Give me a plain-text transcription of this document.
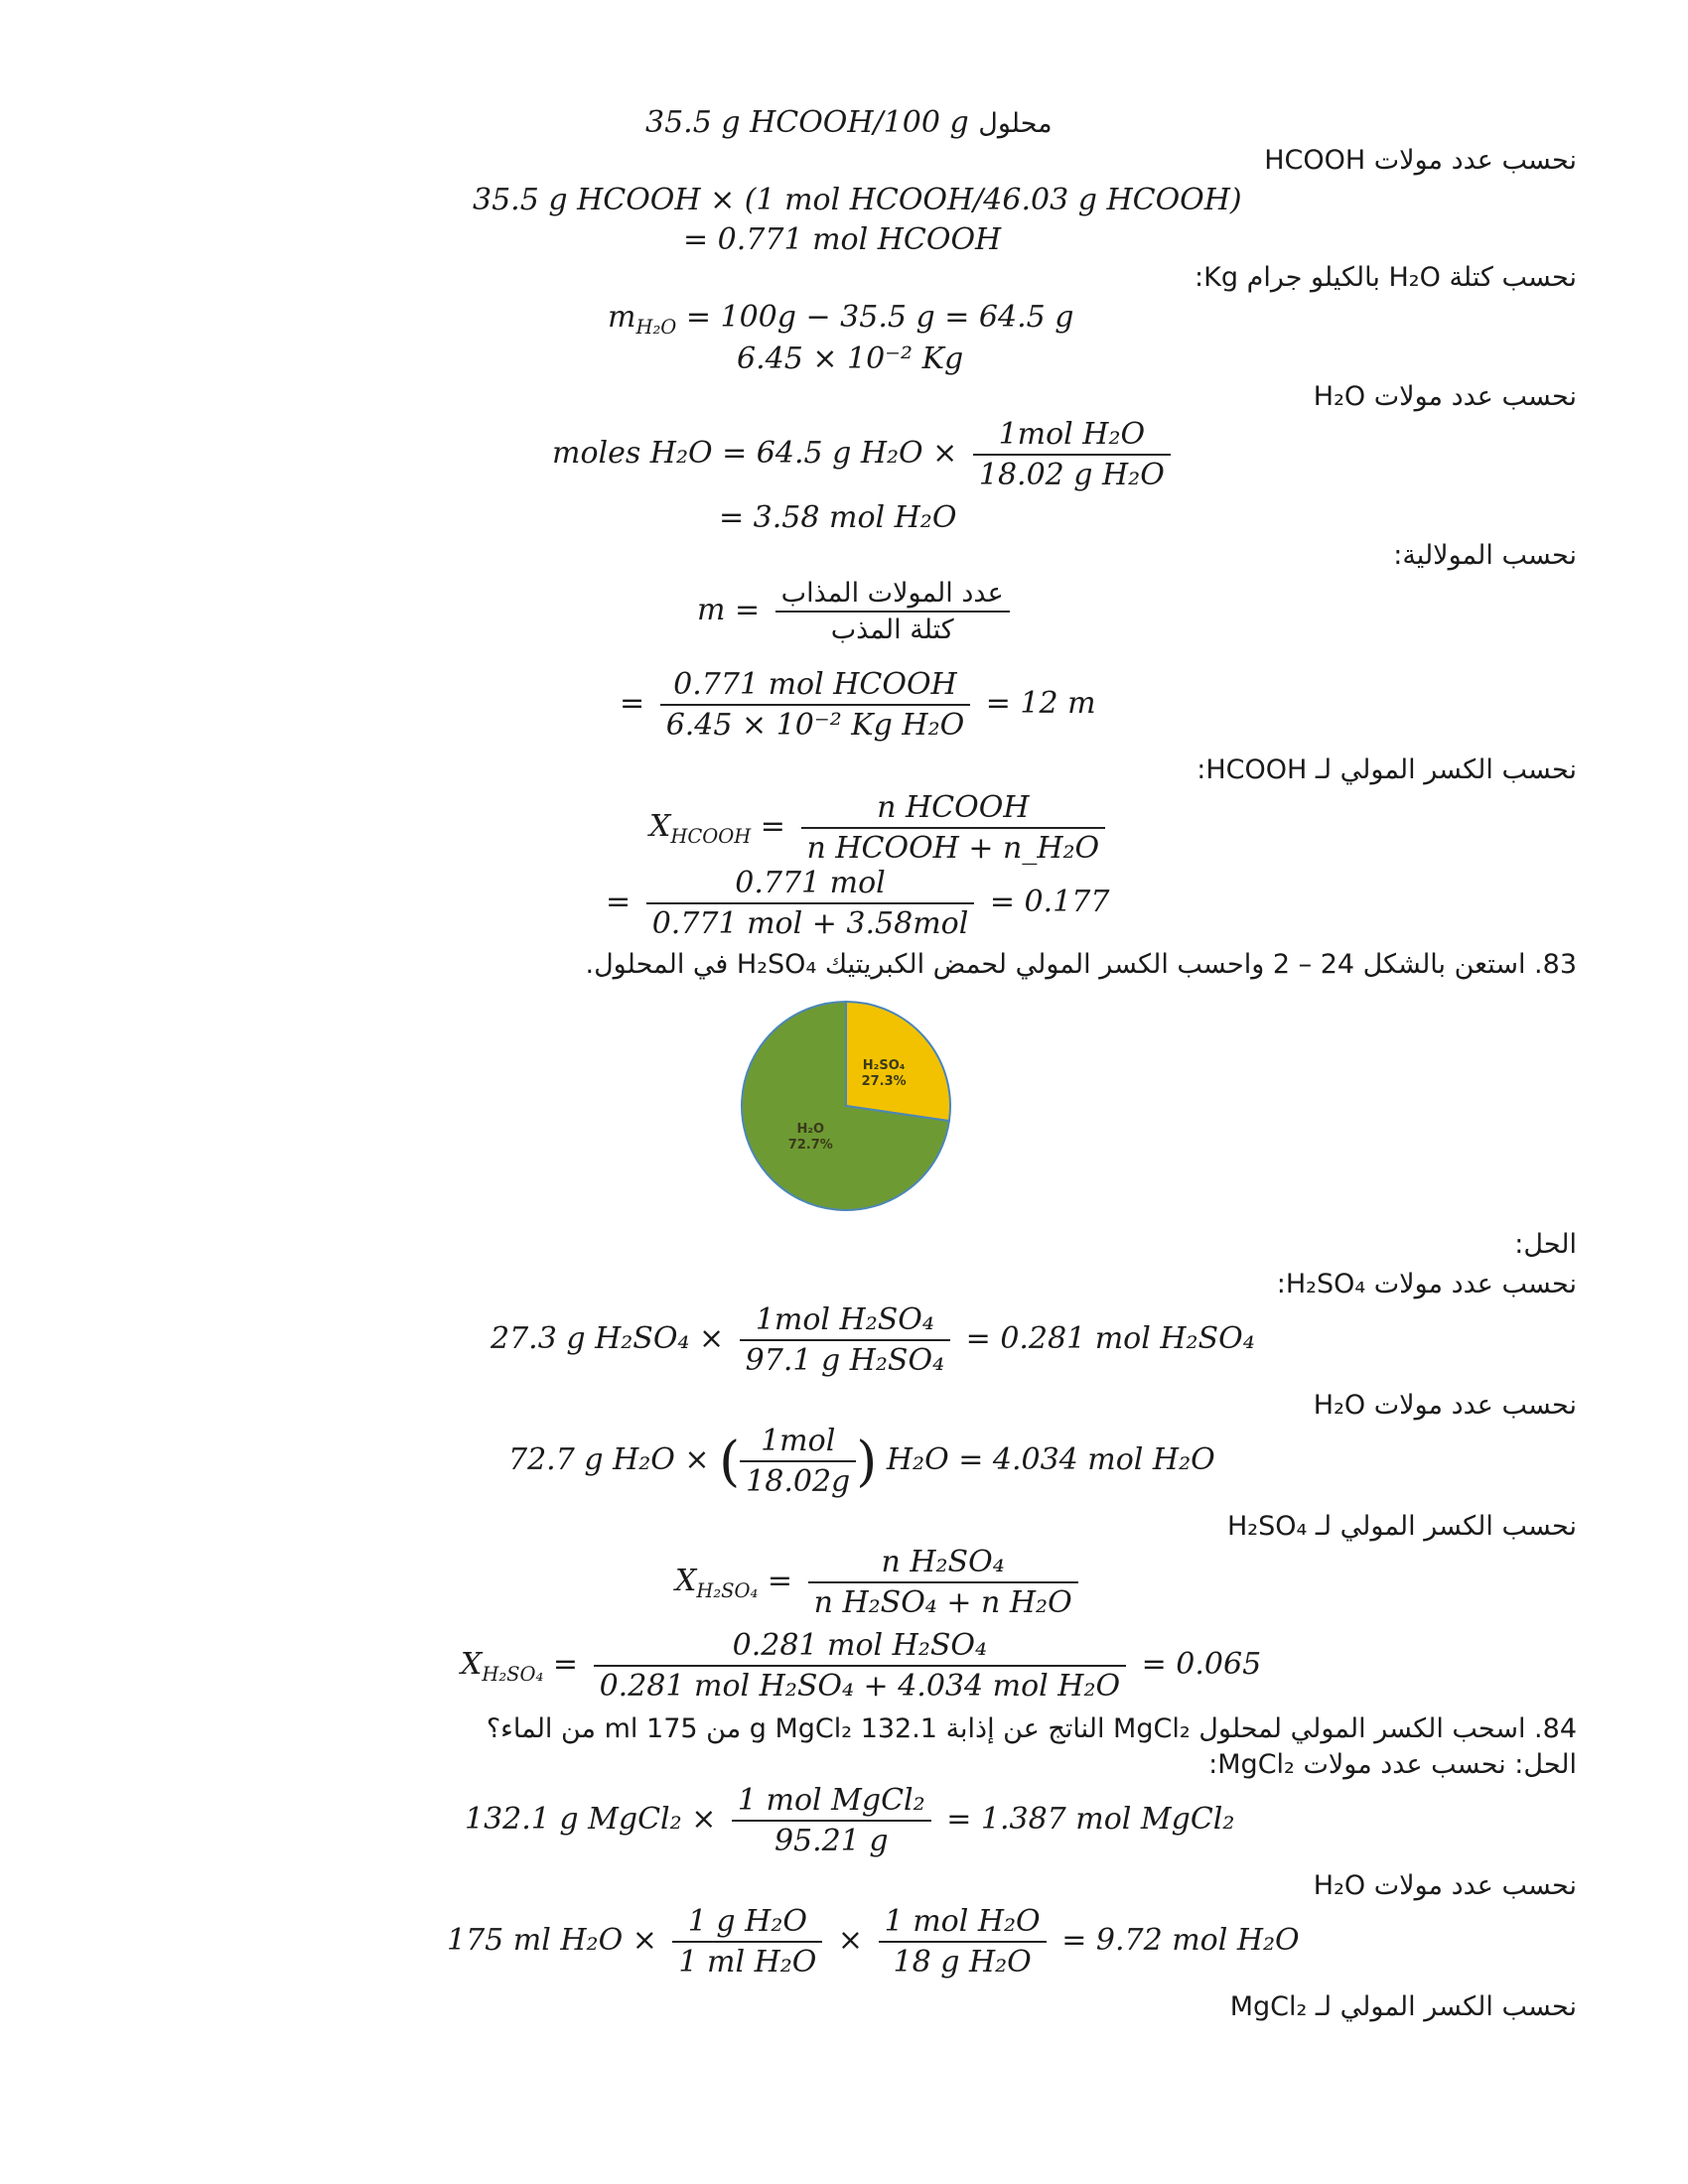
35.5 g HCOOH/100 g محلول
نحسب عدد مولات HCOOH
35.5 g HCOOH × (1 mol HCOOH/46.03 g HCOOH)
= 0.771 mol HCOOH
نحسب كتلة H₂O بالكيلو جرام Kg:
$m_{H_2O} = 100g - 35.5$ g = 64.5 g
6.45 × 10⁻² Kg
نحسب عدد مولات H₂O
moles H₂O = 64.5 g $H_2O \times \frac{\text{1mol H₂O}}{\text{18.02 g H₂O}}$
= 3.58 mol H₂O
نحسب المولالية:
$m = \frac{\text{عدد المولات المذاب}}{\text{كتلة المذب}}$
= $\frac{\text{0.771 mol HCOOH}}{\text{6.45 × 10⁻² Kg H₂O}} = 12$ m
نحسب الكسر المولي لـ HCOOH:
$X_{HCOOH} = \frac{\text{n HCOOH}}{\text{n HCOOH + n\_H₂O}}$
= $\frac{\text{0.771 mol}}{\text{0.771 mol + 3.58mol}} = 0.177$
83. استعن بالشكل 24 – 2 واحسب الكسر المولي لحمض الكبريتيك H₂SO₄ في المحلول.
H₂SO₄
27.3%
H₂O
72.7%
الحل:
نحسب عدد مولات H₂SO₄:
27.3 g $H_2SO_4 \times \frac{\text{1mol H₂SO₄}}{\text{97.1 g H₂SO₄}} = 0.281$ mol H₂SO₄
نحسب عدد مولات H₂O
72.7 g H₂O × ( $\frac{\text{1mol}}{18.02g}$ ) H₂O = 4.034 mol H₂O
نحسب الكسر المولي لـ H₂SO₄
$X_{H_2SO_4} = \frac{\text{n H₂SO₄}}{\text{n H₂SO₄ + n H₂O}}$
$X_{H_2SO_4} = \frac{\text{0.281 mol H₂SO₄}}{\text{0.281 mol H₂SO₄ + 4.034 mol H₂O}} = 0.065$
84. اسحب الكسر المولي لمحلول MgCl₂ الناتج عن إذابة 132.1 g MgCl₂ من 175 ml من الماء؟
الحل: نحسب عدد مولات MgCl₂:
132.1 g MgCl₂ × $\frac{\text{1 mol MgCl₂}}{95.21 g} = 1.387$ mol MgCl₂
نحسب عدد مولات H₂O
175 ml $H_2O \times \frac{\text{1 g H₂O}}{\text{1 ml H₂O}} \times \frac{\text{1 mol H₂O}}{\text{18 g H₂O}} = 9.72$ mol H₂O
نحسب الكسر المولي لـ MgCl₂
